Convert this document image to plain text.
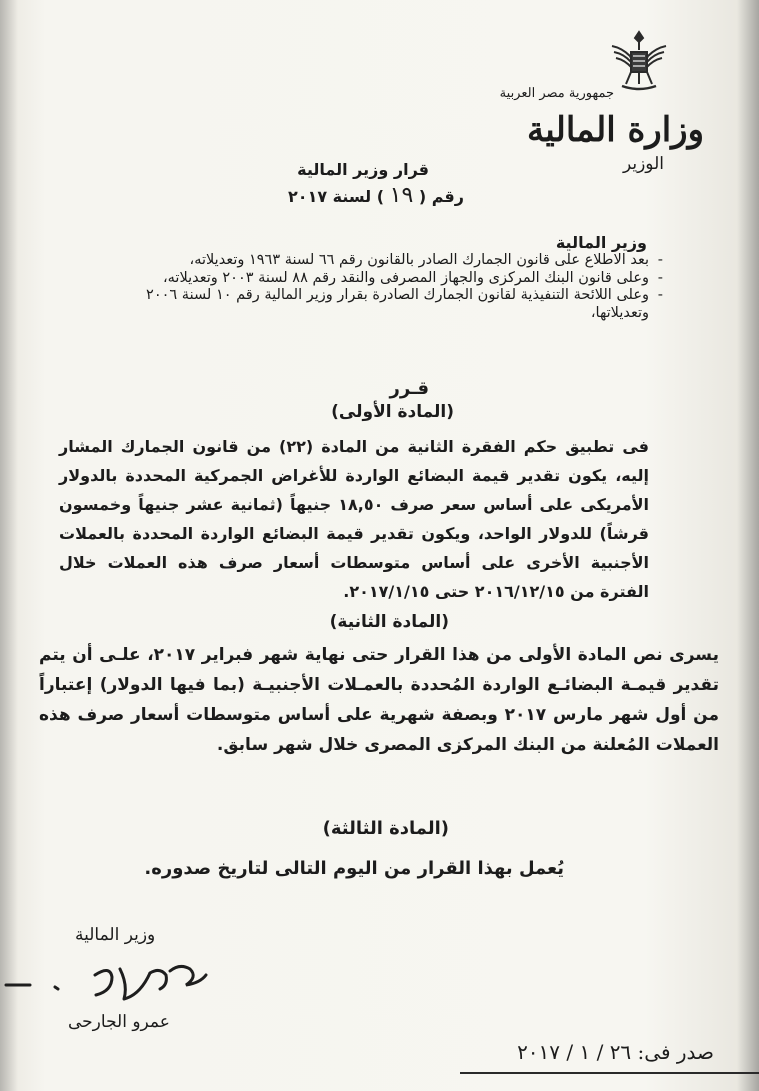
جمهورية مصر العربية
وزارة المالية
الوزير
قرار وزير المالية
رقم ( ١٩ ) لسنة ٢٠١٧
وزير المالية
- بعد الاطلاع على قانون الجمارك الصادر بالقانون رقم ٦٦ لسنة ١٩٦٣ وتعديلاته،
- وعلى قانون البنك المركزى والجهاز المصرفى والنقد رقم ٨٨ لسنة ٢٠٠٣ وتعديلاته،
- وعلى اللائحة التنفيذية لقانون الجمارك الصادرة بقرار وزير المالية رقم ١٠ لسنة ٢٠٠٦ وتعديلاتها،
قـرر
(المادة الأولى)
فى تطبيق حكم الفقرة الثانية من المادة (٢٢) من قانون الجمارك المشار إليه، يكون تقدير قيمة البضائع الواردة للأغراض الجمركية المحددة بالدولار الأمريكى على أساس سعر صرف ١٨,٥٠ جنيهاً (ثمانية عشر جنيهاً وخمسون قرشاً) للدولار الواحد، ويكون تقدير قيمة البضائع الواردة المحددة بالعملات الأجنبية الأخرى على أساس متوسطات أسعار صرف هذه العملات خلال الفترة من ٢٠١٦/١٢/١٥ حتى ٢٠١٧/١/١٥.
(المادة الثانية)
يسرى نص المادة الأولى من هذا القرار حتى نهاية شهر فبراير ٢٠١٧، علـى أن يتم تقدير قيمـة البضائـع الواردة المُحددة بالعمـلات الأجنبيـة (بما فيها الدولار) إعتباراً من أول شهر مارس ٢٠١٧ وبصفة شهرية على أساس متوسطات أسعار صرف هذه العملات المُعلنة من البنك المركزى المصرى خلال شهر سابق.
(المادة الثالثة)
يُعمل بهذا القرار من اليوم التالى لتاريخ صدوره.
وزير المالية
عمرو الجارحى
صدر فى: ٢٦ / ١ / ٢٠١٧
